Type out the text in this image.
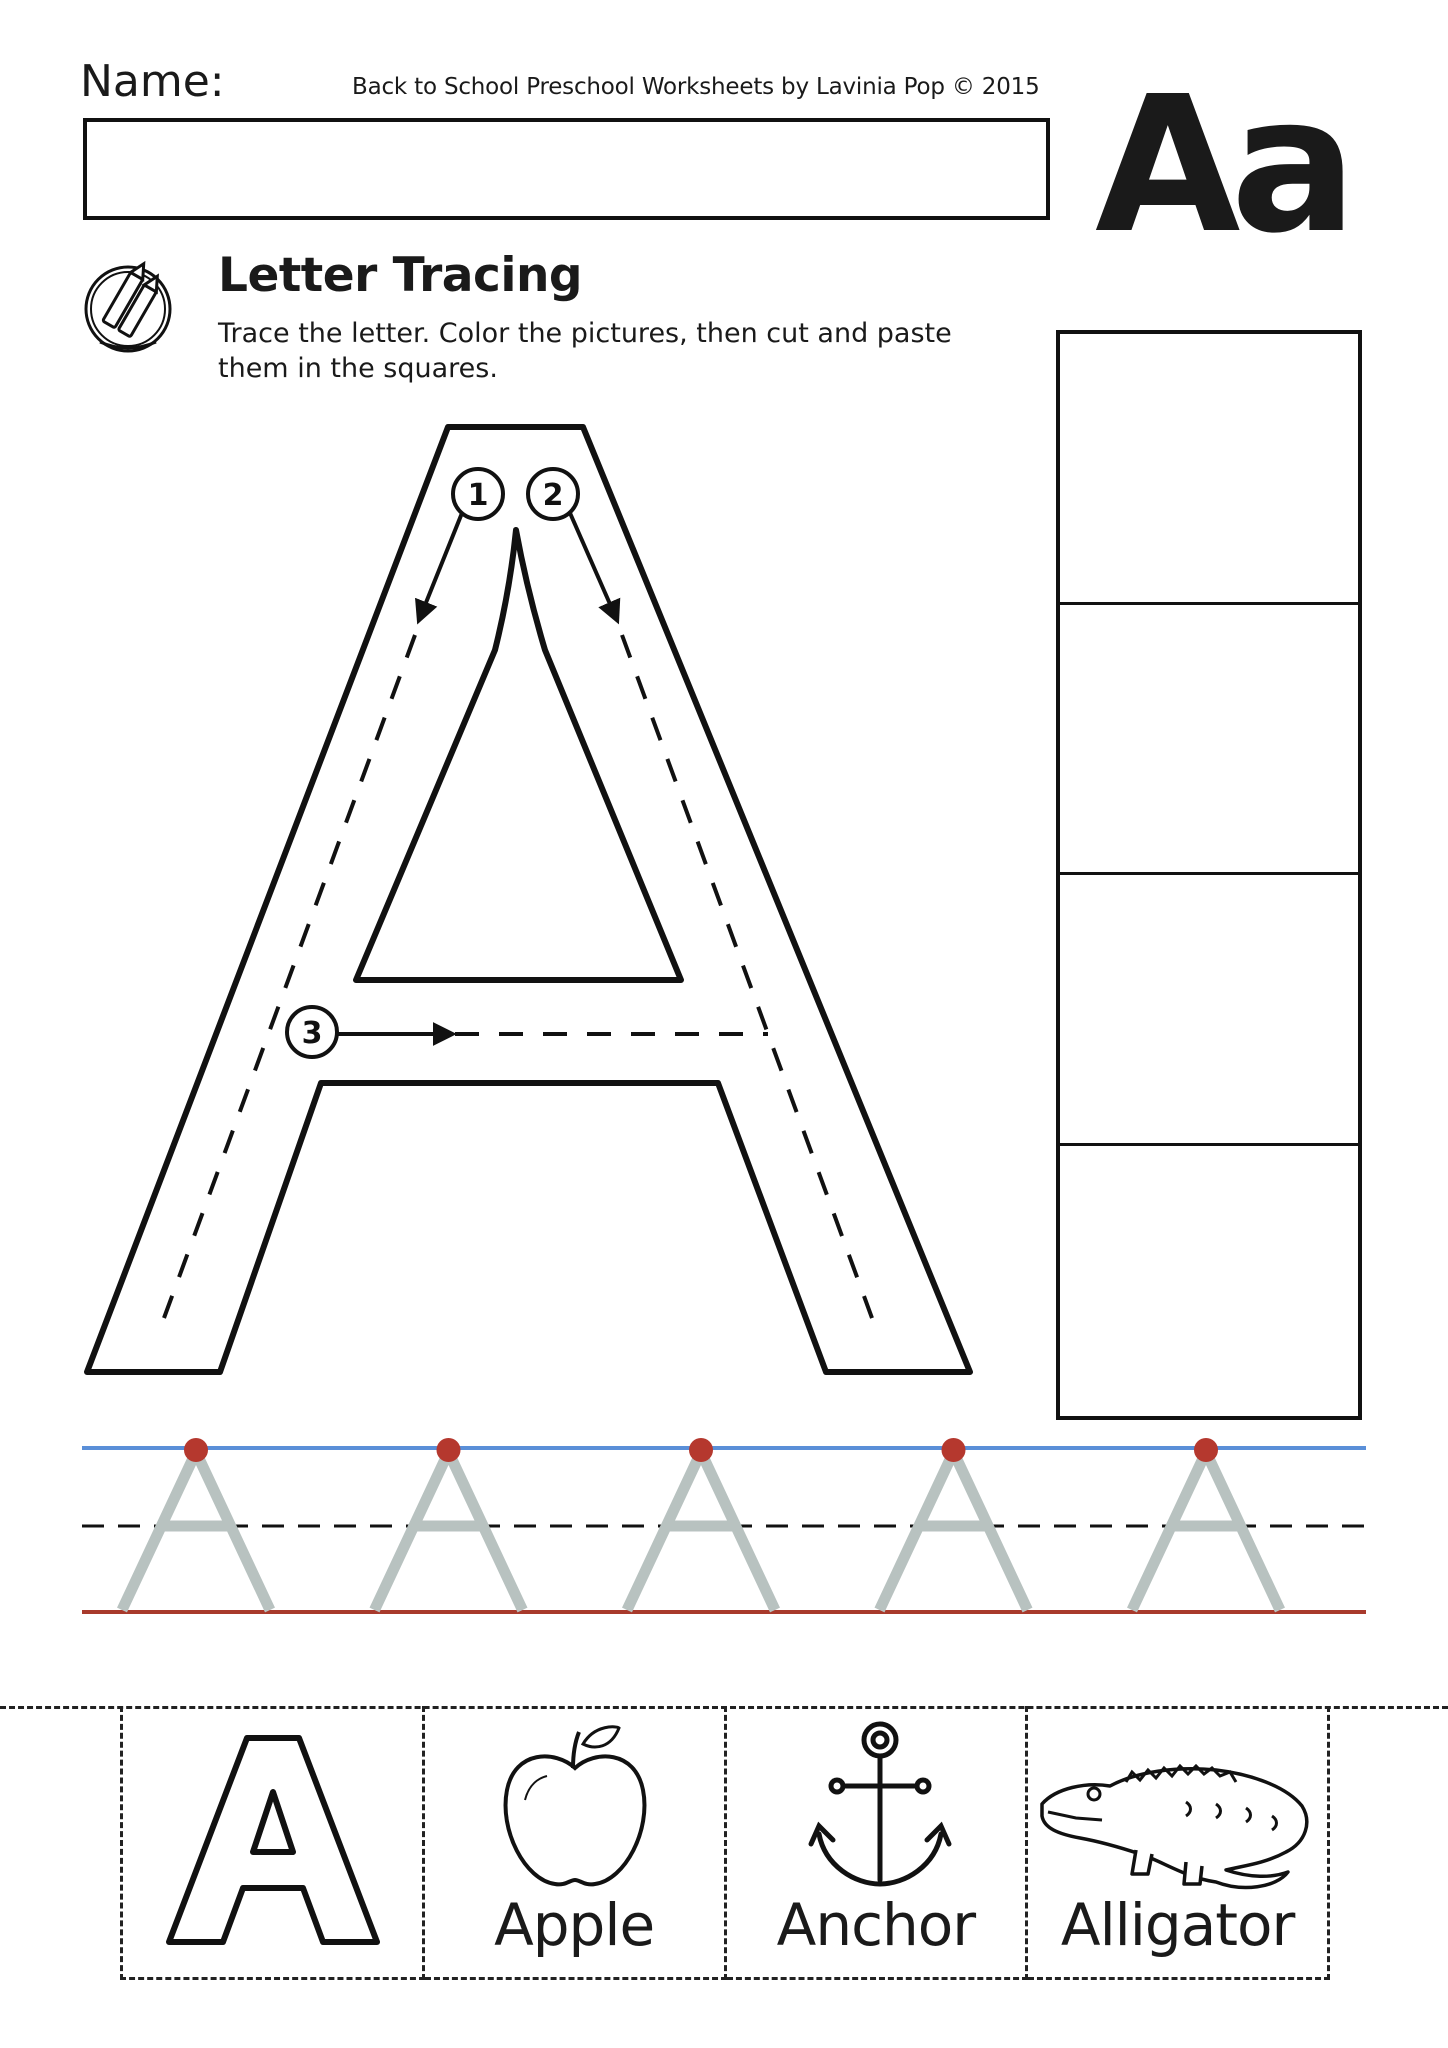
Name:	Back to School Preschool Worksheets by Lavinia Pop © 2015 Aa
Letter Tracing
Trace the letter. Color the pictures, then cut and paste them in the squares.
1 2
3
Apple	Anchor	Alligator
